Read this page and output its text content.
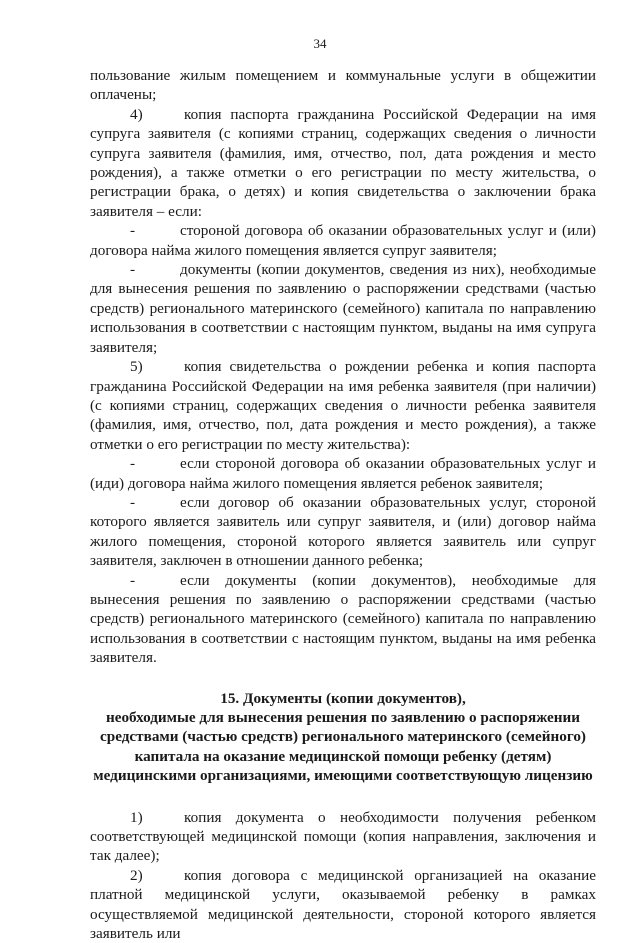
34

пользование жилым помещением и коммунальные услуги в общежитии оплачены;

4)	копия паспорта гражданина Российской Федерации на имя супруга заявителя (с копиями страниц, содержащих сведения о личности супруга заявителя (фамилия, имя, отчество, пол, дата рождения и место рождения), а также отметки о его регистрации по месту жительства, о регистрации брака, о детях) и копия свидетельства о заключении брака заявителя – если:

-	стороной договора об оказании образовательных услуг и (или) договора найма жилого помещения является супруг заявителя;

-	документы (копии документов, сведения из них), необходимые для вынесения решения по заявлению о распоряжении средствами (частью средств) регионального материнского (семейного) капитала по направлению использования в соответствии с настоящим пунктом, выданы на имя супруга заявителя;

5)	копия свидетельства о рождении ребенка и копия паспорта гражданина Российской Федерации на имя ребенка заявителя (при наличии) (с копиями страниц, содержащих сведения о личности ребенка заявителя (фамилия, имя, отчество, пол, дата рождения и место рождения), а также отметки о его регистрации по месту жительства):

-	если стороной договора об оказании образовательных услуг и (иди) договора найма жилого помещения является ребенок заявителя;

-	если договор об оказании образовательных услуг, стороной которого является заявитель или супруг заявителя, и (или) договор найма жилого помещения, стороной которого является заявитель или супруг заявителя, заключен в отношении данного ребенка;

-	если документы (копии документов), необходимые для вынесения решения по заявлению о распоряжении средствами (частью средств) регионального материнского (семейного) капитала по направлению использования в соответствии с настоящим пунктом, выданы на имя ребенка заявителя.

15. Документы (копии документов),
необходимые для вынесения решения по заявлению о распоряжении
средствами (частью средств) регионального материнского (семейного)
капитала на оказание медицинской помощи ребенку (детям)
медицинскими организациями, имеющими соответствующую лицензию

1)	копия документа о необходимости получения ребенком соответствующей медицинской помощи (копия направления, заключения и так далее);

2)	копия договора с медицинской организацией на оказание платной медицинской услуги, оказываемой ребенку в рамках осуществляемой медицинской деятельности, стороной которого является заявитель или
